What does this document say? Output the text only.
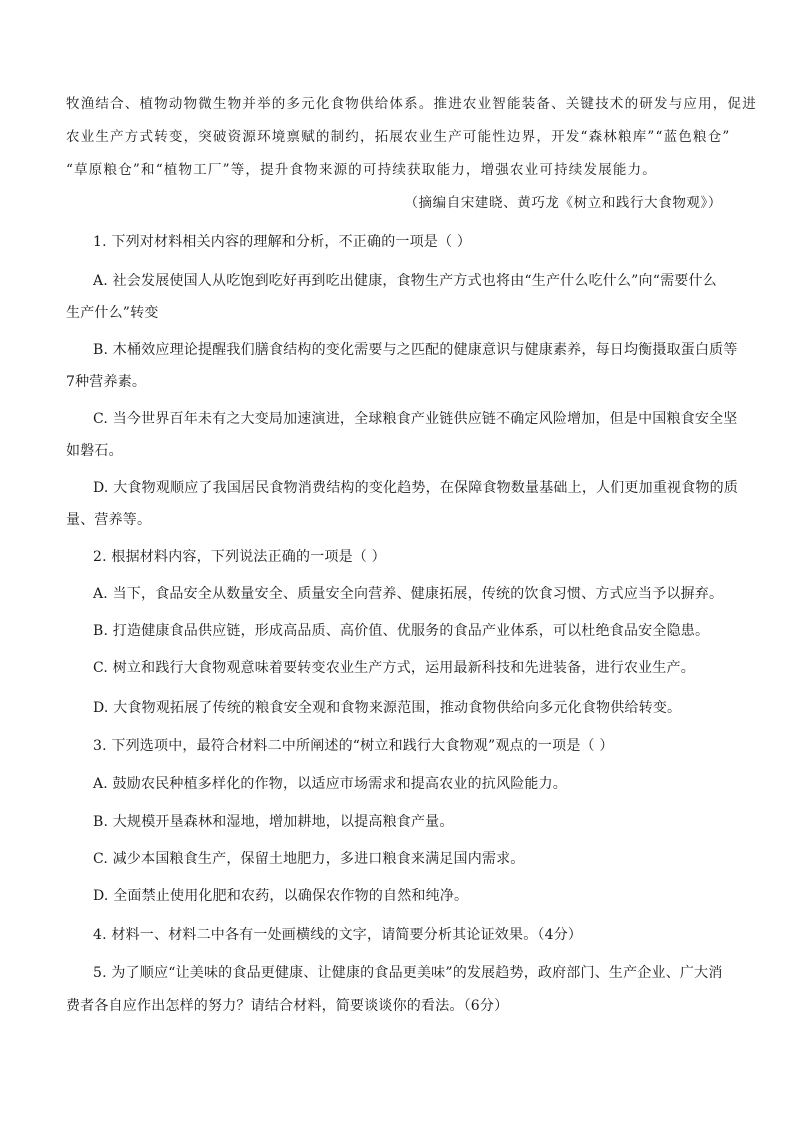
牧渔结合、植物动物微生物并举的多元化食物供给体系。推进农业智能装备、关键技术的研发与应用，促进
农业生产方式转变，突破资源环境禀赋的制约，拓展农业生产可能性边界，开发“森林粮库”“蓝色粮仓”
“草原粮仓”和“植物工厂”等，提升食物来源的可持续获取能力，增强农业可持续发展能力。
（摘编自宋建晓、黄巧龙《树立和践行大食物观》）
1. 下列对材料相关内容的理解和分析，不正确的一项是（ ）
A. 社会发展使国人从吃饱到吃好再到吃出健康，食物生产方式也将由“生产什么吃什么”向“需要什么
生产什么”转变
B. 木桶效应理论提醒我们膳食结构的变化需要与之匹配的健康意识与健康素养，每日均衡摄取蛋白质等
7种营养素。
C. 当今世界百年未有之大变局加速演进，全球粮食产业链供应链不确定风险增加，但是中国粮食安全坚
如磐石。
D. 大食物观顺应了我国居民食物消费结构的变化趋势，在保障食物数量基础上，人们更加重视食物的质
量、营养等。
2. 根据材料内容，下列说法正确的一项是（ ）
A. 当下，食品安全从数量安全、质量安全向营养、健康拓展，传统的饮食习惯、方式应当予以摒弃。
B. 打造健康食品供应链，形成高品质、高价值、优服务的食品产业体系，可以杜绝食品安全隐患。
C. 树立和践行大食物观意味着要转变农业生产方式，运用最新科技和先进装备，进行农业生产。
D. 大食物观拓展了传统的粮食安全观和食物来源范围，推动食物供给向多元化食物供给转变。
3. 下列选项中，最符合材料二中所阐述的“树立和践行大食物观”观点的一项是（ ）
A. 鼓励农民种植多样化的作物，以适应市场需求和提高农业的抗风险能力。
B. 大规模开垦森林和湿地，增加耕地，以提高粮食产量。
C. 减少本国粮食生产，保留土地肥力，多进口粮食来满足国内需求。
D. 全面禁止使用化肥和农药，以确保农作物的自然和纯净。
4. 材料一、材料二中各有一处画横线的文字，请简要分析其论证效果。（4分）
5. 为了顺应“让美味的食品更健康、让健康的食品更美味”的发展趋势，政府部门、生产企业、广大消
费者各自应作出怎样的努力？请结合材料，简要谈谈你的看法。（6分）
